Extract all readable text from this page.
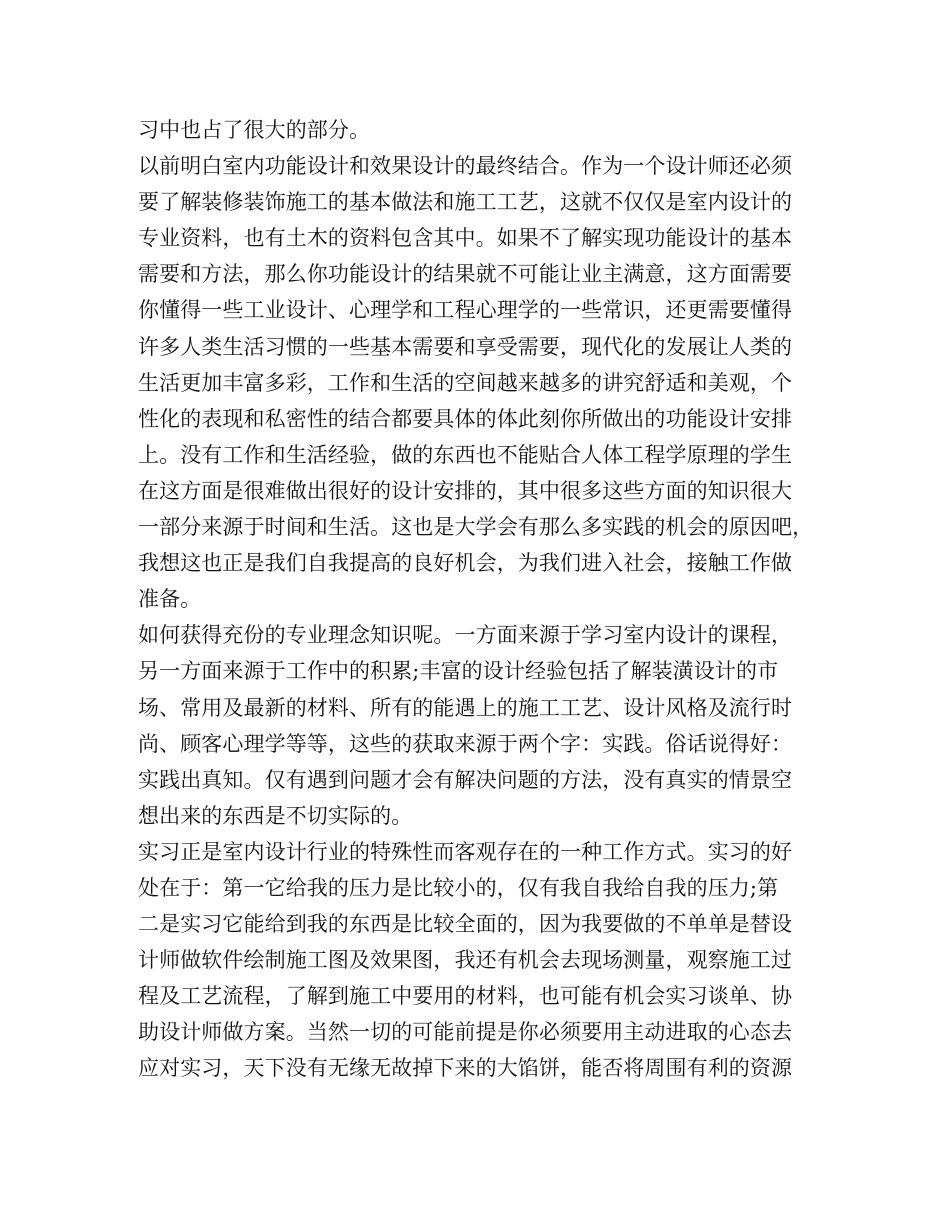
习中也占了很大的部分。
以前明白室内功能设计和效果设计的最终结合。作为一个设计师还必须
要了解装修装饰施工的基本做法和施工工艺，这就不仅仅是室内设计的
专业资料，也有土木的资料包含其中。如果不了解实现功能设计的基本
需要和方法，那么你功能设计的结果就不可能让业主满意，这方面需要
你懂得一些工业设计、心理学和工程心理学的一些常识，还更需要懂得
许多人类生活习惯的一些基本需要和享受需要，现代化的发展让人类的
生活更加丰富多彩，工作和生活的空间越来越多的讲究舒适和美观，个
性化的表现和私密性的结合都要具体的体此刻你所做出的功能设计安排
上。没有工作和生活经验，做的东西也不能贴合人体工程学原理的学生
在这方面是很难做出很好的设计安排的，其中很多这些方面的知识很大
一部分来源于时间和生活。这也是大学会有那么多实践的机会的原因吧，
我想这也正是我们自我提高的良好机会，为我们进入社会，接触工作做
准备。
如何获得充份的专业理念知识呢。一方面来源于学习室内设计的课程，
另一方面来源于工作中的积累;丰富的设计经验包括了解装潢设计的市
场、常用及最新的材料、所有的能遇上的施工工艺、设计风格及流行时
尚、顾客心理学等等，这些的获取来源于两个字：实践。俗话说得好：
实践出真知。仅有遇到问题才会有解决问题的方法，没有真实的情景空
想出来的东西是不切实际的。
实习正是室内设计行业的特殊性而客观存在的一种工作方式。实习的好
处在于：第一它给我的压力是比较小的，仅有我自我给自我的压力;第
二是实习它能给到我的东西是比较全面的，因为我要做的不单单是替设
计师做软件绘制施工图及效果图，我还有机会去现场测量，观察施工过
程及工艺流程，了解到施工中要用的材料，也可能有机会实习谈单、协
助设计师做方案。当然一切的可能前提是你必须要用主动进取的心态去
应对实习，天下没有无缘无故掉下来的大馅饼，能否将周围有利的资源
